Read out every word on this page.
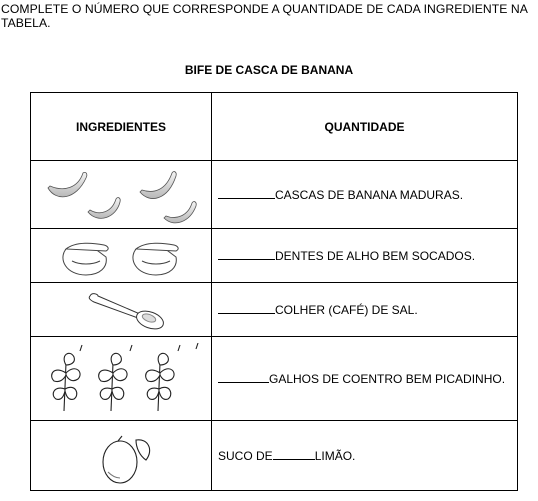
COMPLETE O NÚMERO QUE CORRESPONDE A QUANTIDADE DE CADA INGREDIENTE NA TABELA.
BIFE DE CASCA DE BANANA
INGREDIENTES	QUANTIDADE

	CASCAS DE BANANA MADURAS.

	DENTES DE ALHO BEM SOCADOS.

	COLHER (CAFÉ) DE SAL.

	GALHOS DE COENTRO BEM PICADINHO.

	SUCO DE LIMÃO.
